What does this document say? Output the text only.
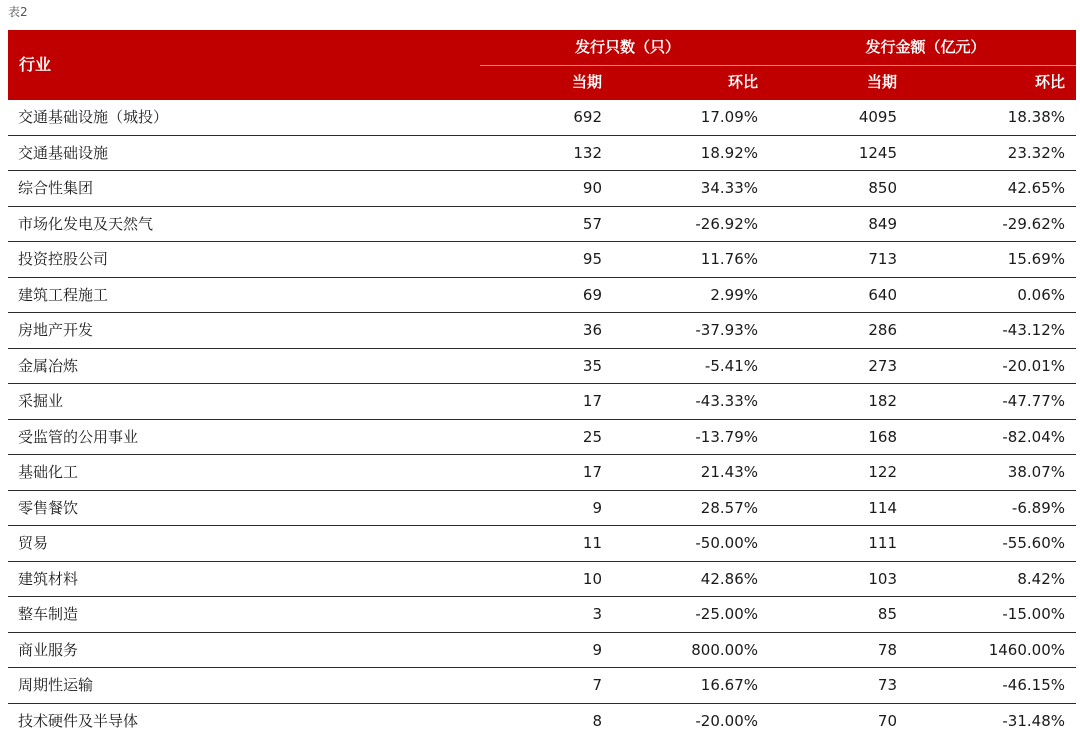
表2
行业
发行只数（只）	发行金额（亿元）
当期	环比	当期	环比
交通基础设施（城投）	692	17.09%	4095	18.38%
交通基础设施	132	18.92%	1245	23.32%
综合性集团	90	34.33%	850	42.65%
市场化发电及天然气	57	-26.92%	849	-29.62%
投资控股公司	95	11.76%	713	15.69%
建筑工程施工	69	2.99%	640	0.06%
房地产开发	36	-37.93%	286	-43.12%
金属冶炼	35	-5.41%	273	-20.01%
采掘业	17	-43.33%	182	-47.77%
受监管的公用事业	25	-13.79%	168	-82.04%
基础化工	17	21.43%	122	38.07%
零售餐饮	9	28.57%	114	-6.89%
贸易	11	-50.00%	111	-55.60%
建筑材料	10	42.86%	103	8.42%
整车制造	3	-25.00%	85	-15.00%
商业服务	9	800.00%	78	1460.00%
周期性运输	7	16.67%	73	-46.15%
技术硬件及半导体	8	-20.00%	70	-31.48%
